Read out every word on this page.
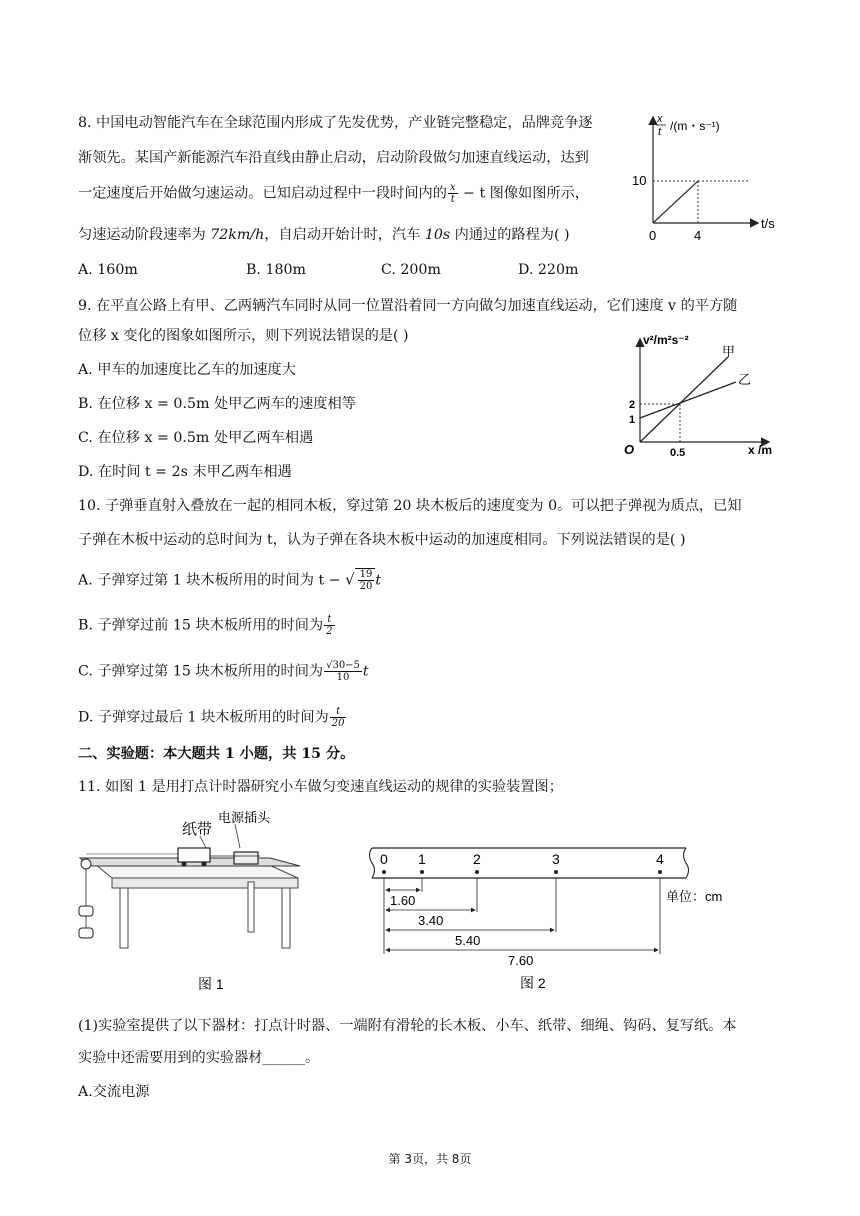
8. 中国电动智能汽车在全球范围内形成了先发优势，产业链完整稳定，品牌竞争逐
渐领先。某国产新能源汽车沿直线由静止启动，启动阶段做匀加速直线运动，达到
一定速度后开始做匀速运动。已知启动过程中一段时间内的 $\frac{x}{t} - t$ 图像如图所示，
匀速运动阶段速率为 72km/h，自启动开始计时，汽车 10s 内通过的路程为( )
A. 160m	B. 180m	C. 200m	D. 220m
x
t /(m・s⁻¹)
t/s
10
4
0
9. 在平直公路上有甲、乙两辆汽车同时从同一位置沿着同一方向做匀加速直线运动，它们速度 v 的平方随
位移 x 变化的图象如图所示，则下列说法错误的是( )
A. 甲车的加速度比乙车的加速度大
B. 在位移 x = 0.5m 处甲乙两车的速度相等
C. 在位移 x = 0.5m 处甲乙两车相遇
D. 在时间 t = 2s 末甲乙两车相遇
v²/m²s⁻²
x /m
甲
乙
2
1
0.5
O
10. 子弹垂直射入叠放在一起的相同木板，穿过第 20 块木板后的速度变为 0。可以把子弹视为质点，已知
子弹在木板中运动的总时间为 t，认为子弹在各块木板中运动的加速度相同。下列说法错误的是( )
A. 子弹穿过第 1 块木板所用的时间为 t − √ $\frac{19}{20}$ t
B. 子弹穿过前 15 块木板所用的时间为 $\frac{t}{2}$
C. 子弹穿过第 15 块木板所用的时间为 $\frac{√30-5}{10}$ t
D. 子弹穿过最后 1 块木板所用的时间为 $\frac{t}{20}$
二、实验题：本大题共 1 小题，共 15 分。
11. 如图 1 是用打点计时器研究小车做匀变速直线运动的规律的实验装置图；
纸带
电源插头
图 1
0 1	2	3	4
1.60
3.40
5.40
7.60
单位：cm
图 2
(1)实验室提供了以下器材：打点计时器、一端附有滑轮的长木板、小车、纸带、细绳、钩码、复写纸。本
实验中还需要用到的实验器材______。
A.交流电源
第 3页，共 8页
